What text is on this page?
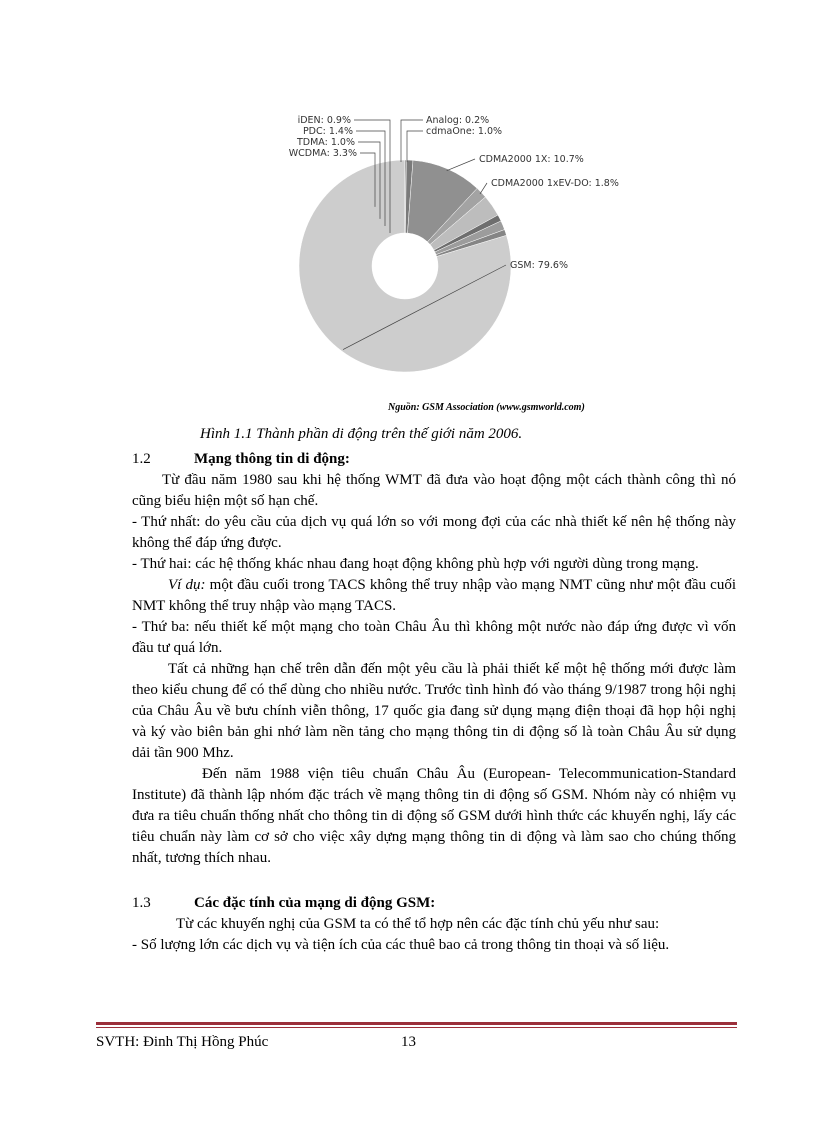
GSM: 79.6%
Analog: 0.2%
cdmaOne: 1.0%
CDMA2000 1X: 10.7%
CDMA2000 1xEV-DO: 1.8%
WCDMA: 3.3%
TDMA: 1.0%
PDC: 1.4%
iDEN: 0.9%
Nguồn: GSM Association (www.gsmworld.com)
Hình 1.1 Thành phần di động trên thế giới năm 2006.
1.2	Mạng thông tin di động:

Từ đầu năm 1980 sau khi hệ thống WMT đã đưa vào hoạt động một cách thành công thì nó cũng biểu hiện một số hạn chế.

- Thứ nhất: do yêu cầu của dịch vụ quá lớn so với mong đợi của các nhà thiết kế nên hệ thống này không thể đáp ứng được.

- Thứ hai: các hệ thống khác nhau đang hoạt động không phù hợp với người dùng trong mạng.

Ví dụ: một đầu cuối trong TACS không thể truy nhập vào mạng NMT cũng như một đầu cuối NMT không thể truy nhập vào mạng TACS.

- Thứ ba: nếu thiết kế một mạng cho toàn Châu Âu thì không một nước nào đáp ứng được vì vốn đầu tư quá lớn.

Tất cả những hạn chế trên dẫn đến một yêu cầu là phải thiết kế một hệ thống mới được làm theo kiểu chung để có thể dùng cho nhiều nước. Trước tình hình đó vào tháng 9/1987 trong hội nghị của Châu Âu về bưu chính viễn thông, 17 quốc gia đang sử dụng mạng điện thoại đã họp hội nghị và ký vào biên bản ghi nhớ làm nền tảng cho mạng thông tin di động số là toàn Châu Âu sử dụng dải tần 900 Mhz.

Đến năm 1988 viện tiêu chuẩn Châu Âu (European- Telecommunication-Standard Institute) đã thành lập nhóm đặc trách về mạng thông tin di động số GSM. Nhóm này có nhiệm vụ đưa ra tiêu chuẩn thống nhất cho thông tin di động số GSM dưới hình thức các khuyến nghị, lấy các tiêu chuẩn này làm cơ sở cho việc xây dựng mạng thông tin di động và làm sao cho chúng thống nhất, tương thích nhau.

1.3	Các đặc tính của mạng di động GSM:

Từ các khuyến nghị của GSM ta có thể tổ hợp nên các đặc tính chủ yếu như sau:

- Số lượng lớn các dịch vụ và tiện ích của các thuê bao cả trong thông tin thoại và số liệu.

SVTH: Đinh Thị Hồng Phúc	13
